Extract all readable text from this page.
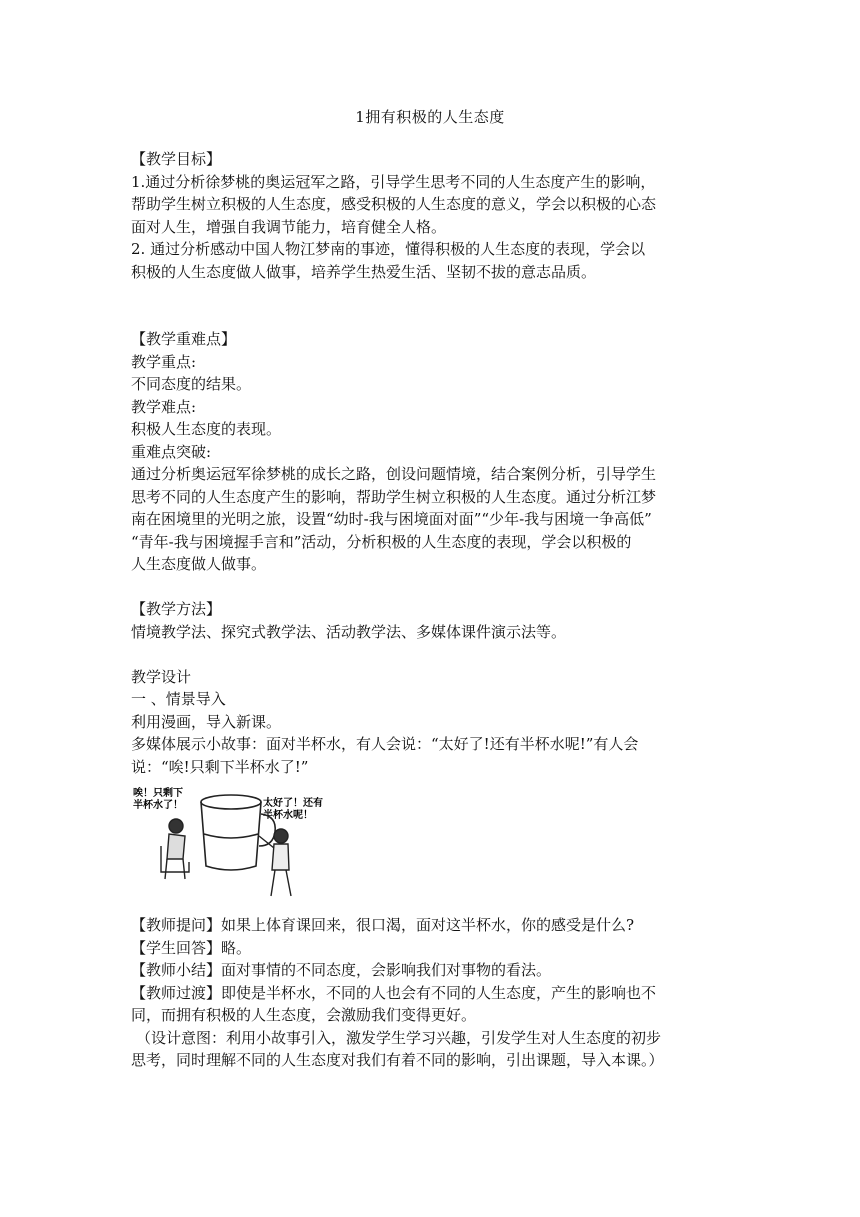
1拥有积极的人生态度
【教学目标】
1.通过分析徐梦桃的奥运冠军之路，引导学生思考不同的人生态度产生的影响，
帮助学生树立积极的人生态度，感受积极的人生态度的意义，学会以积极的心态
面对人生，增强自我调节能力，培育健全人格。
2. 通过分析感动中国人物江梦南的事迹，懂得积极的人生态度的表现，学会以
积极的人生态度做人做事，培养学生热爱生活、坚韧不拔的意志品质。
【教学重难点】
教学重点:
不同态度的结果。
教学难点:
积极人生态度的表现。
重难点突破:
通过分析奥运冠军徐梦桃的成长之路，创设问题情境，结合案例分析，引导学生
思考不同的人生态度产生的影响，帮助学生树立积极的人生态度。通过分析江梦
南在困境里的光明之旅，设置“幼时-我与困境面对面”“少年-我与困境一争高低”
“青年-我与困境握手言和”活动，分析积极的人生态度的表现，学会以积极的
人生态度做人做事。
【教学方法】
情境教学法、探究式教学法、活动教学法、多媒体课件演示法等。
教学设计
一 、情景导入
利用漫画，导入新课。
多媒体展示小故事：面对半杯水，有人会说：“太好了!还有半杯水呢!”有人会
说：“唉!只剩下半杯水了!”
唉！只剩下
半杯水了！	太好了！还有
半杯水呢！
【教师提问】如果上体育课回来，很口渴，面对这半杯水，你的感受是什么?
【学生回答】略。
【教师小结】面对事情的不同态度，会影响我们对事物的看法。
【教师过渡】即使是半杯水，不同的人也会有不同的人生态度，产生的影响也不
同，而拥有积极的人生态度，会激励我们变得更好。
（设计意图：利用小故事引入，激发学生学习兴趣，引发学生对人生态度的初步
思考，同时理解不同的人生态度对我们有着不同的影响，引出课题，导入本课。）
